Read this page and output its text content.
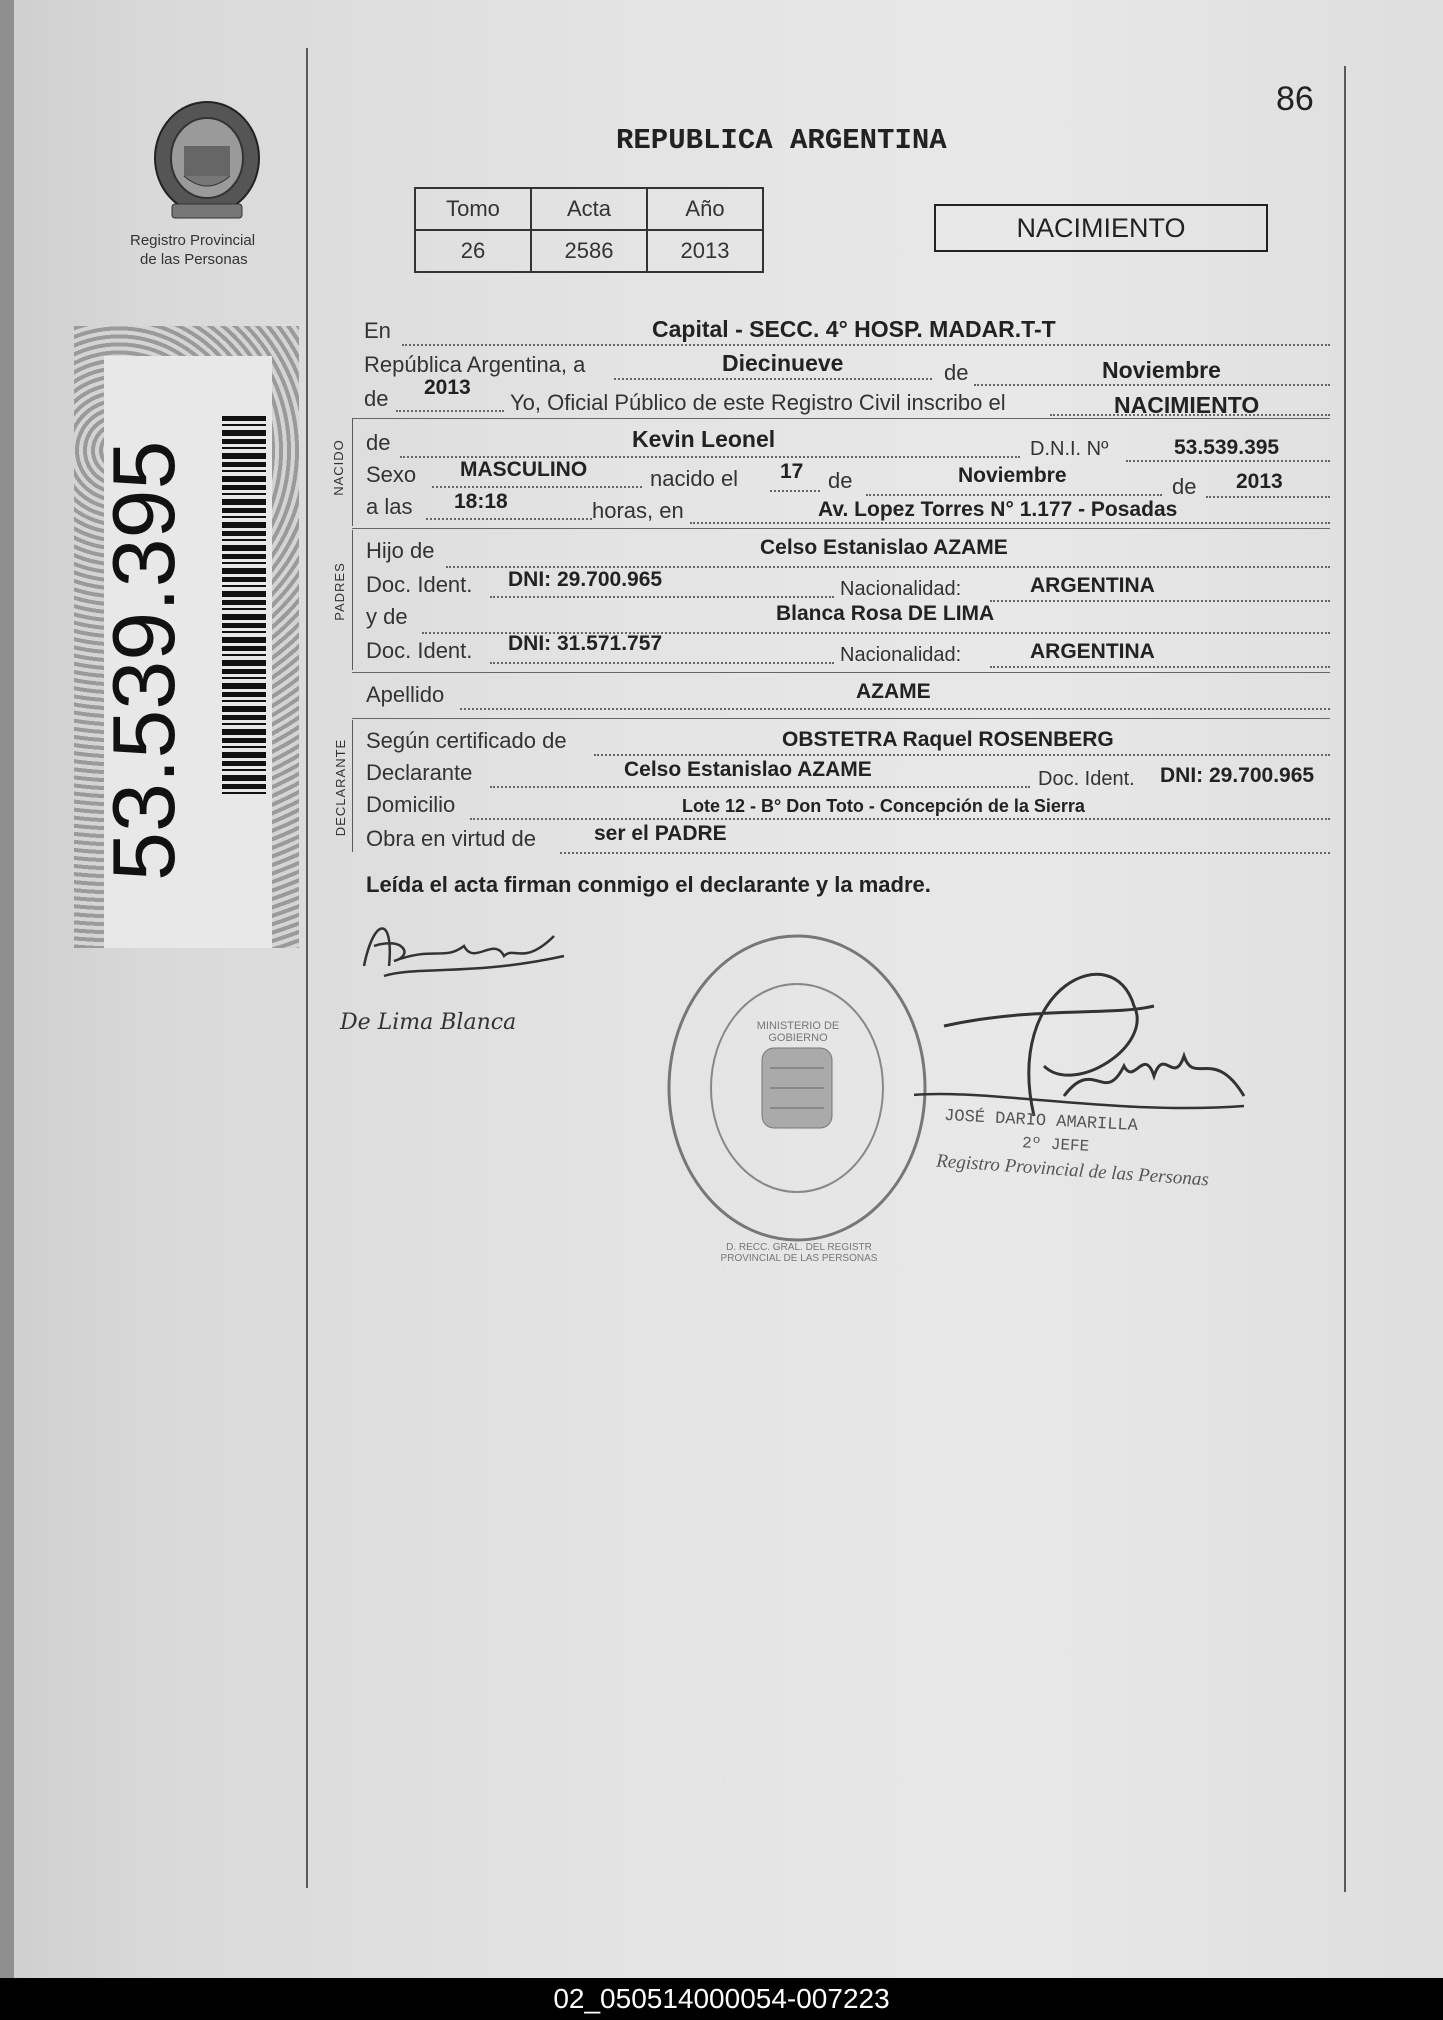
Registro Provincial
de las Personas
53.539.395
86
REPUBLICA ARGENTINA
Tomo	Acta	Año
26	2586	2013
NACIMIENTO
NACIDO
PADRES
DECLARANTE
En	Capital - SECC. 4° HOSP. MADAR.T-T
República Argentina, a	Diecinueve	de	Noviembre
de 2013
Yo, Oficial Público de este Registro Civil inscribo el	NACIMIENTO
de	Kevin Leonel	D.N.I. Nº	53.539.395
Sexo MASCULINO	nacido el 17 de	Noviembre	de 2013
a las 18:18	horas, en	Av. Lopez Torres N° 1.177 - Posadas
Hijo de	Celso Estanislao AZAME
Doc. Ident. DNI: 29.700.965	Nacionalidad:	ARGENTINA
y de	Blanca Rosa DE LIMA
Doc. Ident. DNI: 31.571.757	Nacionalidad:	ARGENTINA
Apellido	AZAME
Según certificado de	OBSTETRA Raquel ROSENBERG
Declarante	Celso Estanislao AZAME	Doc. Ident. DNI: 29.700.965
Domicilio	Lote 12 - B° Don Toto - Concepción de la Sierra
Obra en virtud de	ser el PADRE
Leída el acta firman conmigo el declarante y la madre.
De Lima Blanca
D. RECC. GRAL. DEL REGISTR PROVINCIAL DE LAS PERSONAS
MINISTERIO DE GOBIERNO
JOSÉ DARIO AMARILLA
2º JEFE
Registro Provincial de las Personas
02_050514000054-007223
